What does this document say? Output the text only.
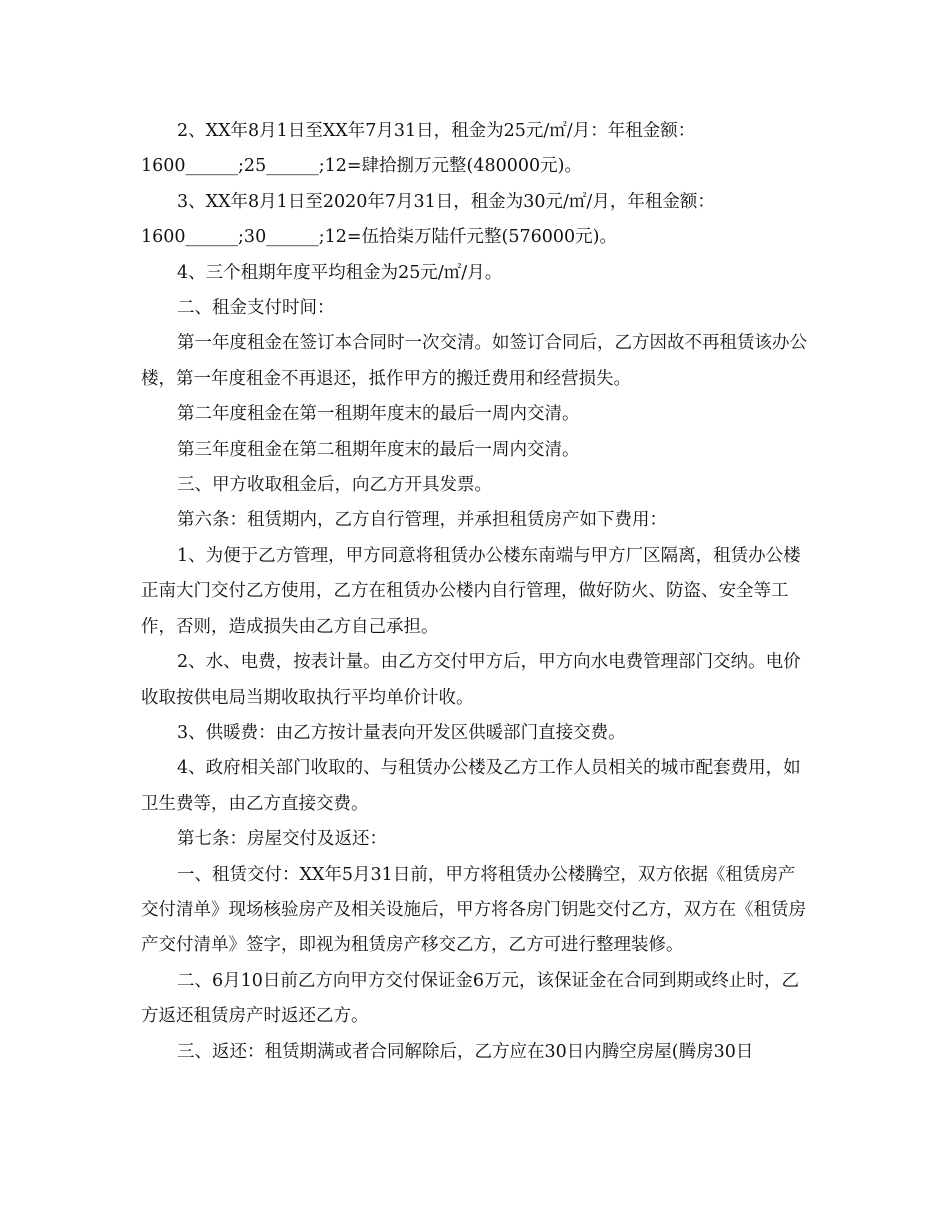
2、XX年8月1日至XX年7月31日，租金为25元/㎡/月：年租金额：

1600______;25______;12=肆拾捌万元整(480000元)。

3、XX年8月1日至2020年7月31日，租金为30元/㎡/月，年租金额：

1600______;30______;12=伍拾柒万陆仟元整(576000元)。

4、三个租期年度平均租金为25元/㎡/月。

二、租金支付时间：

第一年度租金在签订本合同时一次交清。如签订合同后，乙方因故不再租赁该办公楼，第一年度租金不再退还，抵作甲方的搬迁费用和经营损失。

第二年度租金在第一租期年度末的最后一周内交清。

第三年度租金在第二租期年度末的最后一周内交清。

三、甲方收取租金后，向乙方开具发票。

第六条：租赁期内，乙方自行管理，并承担租赁房产如下费用：

1、为便于乙方管理，甲方同意将租赁办公楼东南端与甲方厂区隔离，租赁办公楼正南大门交付乙方使用，乙方在租赁办公楼内自行管理，做好防火、防盗、安全等工作，否则，造成损失由乙方自己承担。

2、水、电费，按表计量。由乙方交付甲方后，甲方向水电费管理部门交纳。电价收取按供电局当期收取执行平均单价计收。

3、供暖费：由乙方按计量表向开发区供暖部门直接交费。

4、政府相关部门收取的、与租赁办公楼及乙方工作人员相关的城市配套费用，如卫生费等，由乙方直接交费。

第七条：房屋交付及返还：

一、租赁交付：XX年5月31日前，甲方将租赁办公楼腾空，双方依据《租赁房产交付清单》现场核验房产及相关设施后，甲方将各房门钥匙交付乙方，双方在《租赁房产交付清单》签字，即视为租赁房产移交乙方，乙方可进行整理装修。

二、6月10日前乙方向甲方交付保证金6万元，该保证金在合同到期或终止时，乙方返还租赁房产时返还乙方。

三、返还：租赁期满或者合同解除后，乙方应在30日内腾空房屋(腾房30日
